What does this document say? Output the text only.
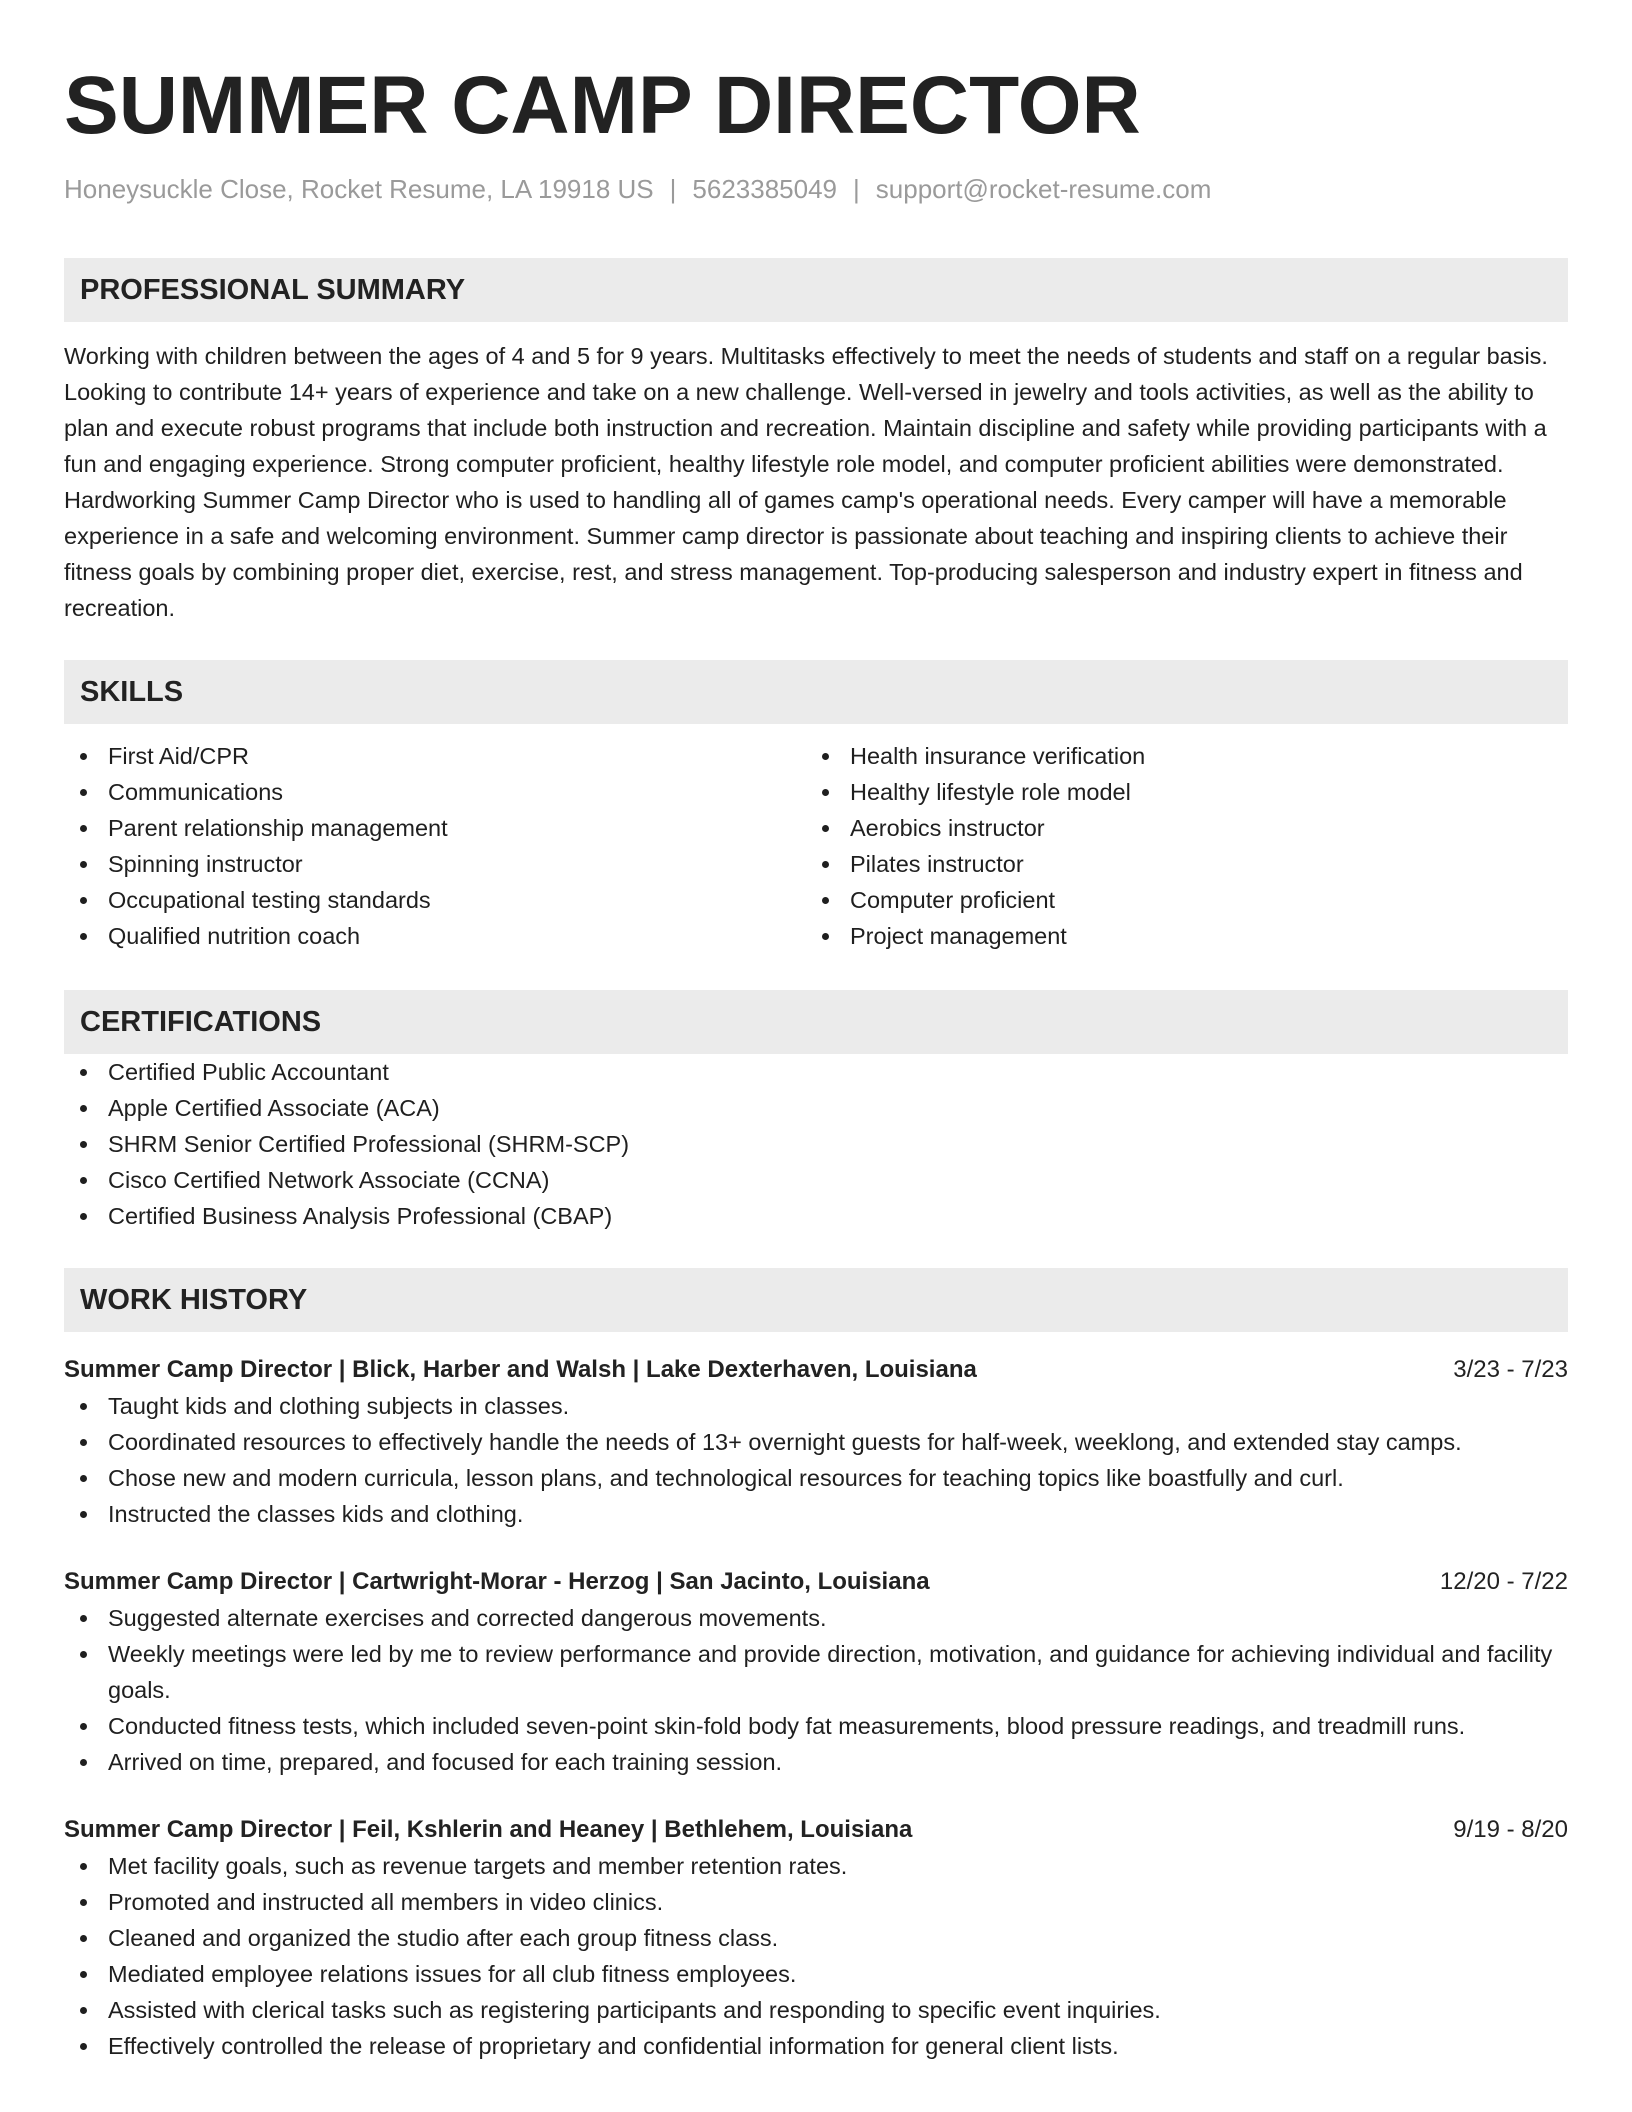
SUMMER CAMP DIRECTOR
Honeysuckle Close, Rocket Resume, LA 19918 US | 5623385049 | support@rocket-resume.com
PROFESSIONAL SUMMARY

Working with children between the ages of 4 and 5 for 9 years. Multitasks effectively to meet the needs of students and staff on a regular basis. Looking to contribute 14+ years of experience and take on a new challenge. Well-versed in jewelry and tools activities, as well as the ability to plan and execute robust programs that include both instruction and recreation. Maintain discipline and safety while providing participants with a fun and engaging experience. Strong computer proficient, healthy lifestyle role model, and computer proficient abilities were demonstrated. Hardworking Summer Camp Director who is used to handling all of games camp's operational needs. Every camper will have a memorable experience in a safe and welcoming environment. Summer camp director is passionate about teaching and inspiring clients to achieve their fitness goals by combining proper diet, exercise, rest, and stress management. Top-producing salesperson and industry expert in fitness and recreation.

SKILLS
First Aid/CPR
Communications
Parent relationship management
Spinning instructor
Occupational testing standards
Qualified nutrition coach
Health insurance verification
Healthy lifestyle role model
Aerobics instructor
Pilates instructor
Computer proficient
Project management
CERTIFICATIONS
Certified Public Accountant
Apple Certified Associate (ACA)
SHRM Senior Certified Professional (SHRM-SCP)
Cisco Certified Network Associate (CCNA)
Certified Business Analysis Professional (CBAP)
WORK HISTORY
Summer Camp Director | Blick, Harber and Walsh | Lake Dexterhaven, Louisiana	3/23 - 7/23
Taught kids and clothing subjects in classes.
Coordinated resources to effectively handle the needs of 13+ overnight guests for half-week, weeklong, and extended stay camps.
Chose new and modern curricula, lesson plans, and technological resources for teaching topics like boastfully and curl.
Instructed the classes kids and clothing.
Summer Camp Director | Cartwright-Morar - Herzog | San Jacinto, Louisiana	12/20 - 7/22
Suggested alternate exercises and corrected dangerous movements.
Weekly meetings were led by me to review performance and provide direction, motivation, and guidance for achieving individual and facility goals.
Conducted fitness tests, which included seven-point skin-fold body fat measurements, blood pressure readings, and treadmill runs.
Arrived on time, prepared, and focused for each training session.
Summer Camp Director | Feil, Kshlerin and Heaney | Bethlehem, Louisiana	9/19 - 8/20
Met facility goals, such as revenue targets and member retention rates.
Promoted and instructed all members in video clinics.
Cleaned and organized the studio after each group fitness class.
Mediated employee relations issues for all club fitness employees.
Assisted with clerical tasks such as registering participants and responding to specific event inquiries.
Effectively controlled the release of proprietary and confidential information for general client lists.
